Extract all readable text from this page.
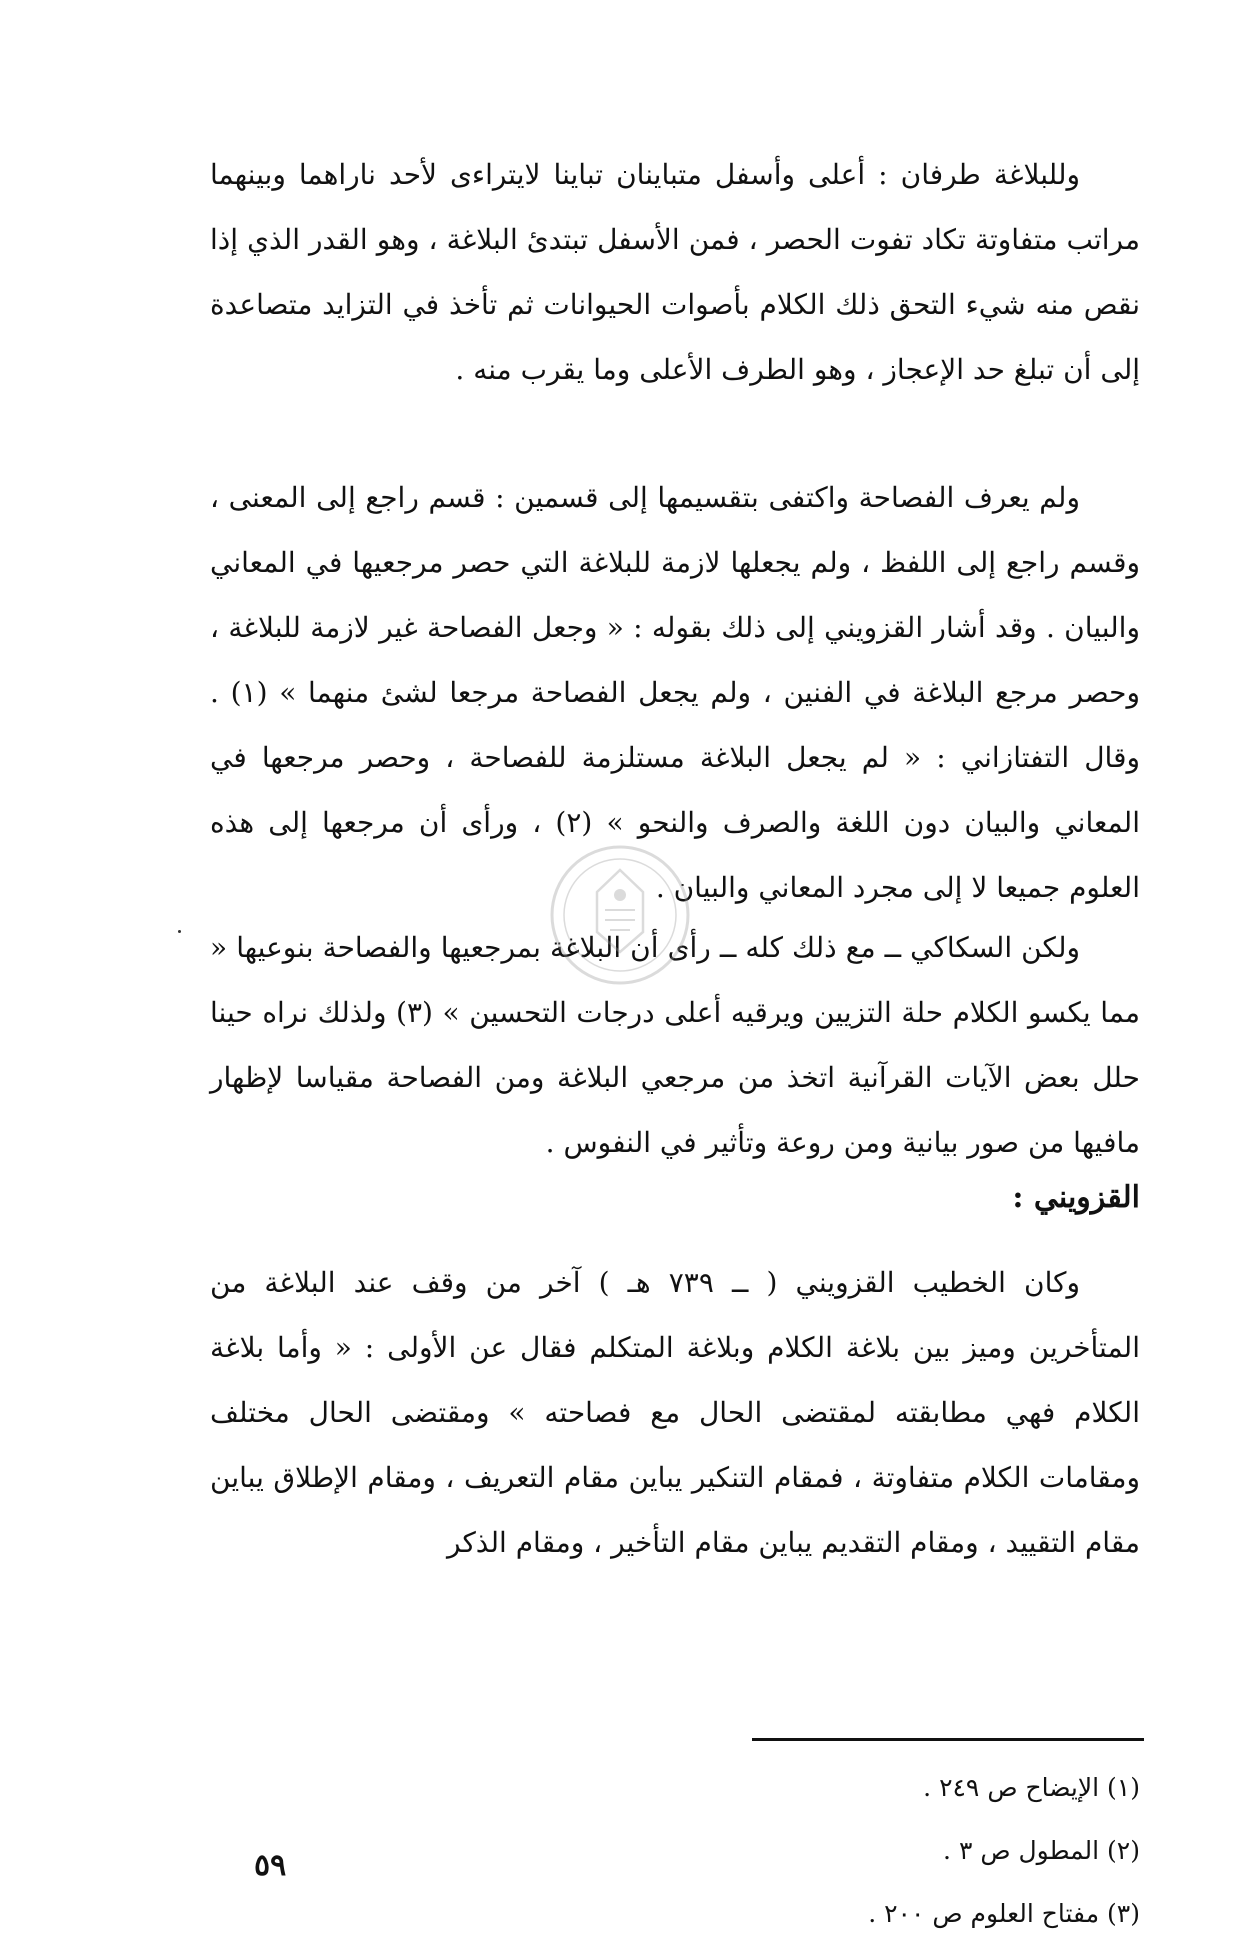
وللبلاغة طرفان : أعلى وأسفل متباينان تباينا لايتراءى لأحد ناراهما وبينهما مراتب متفاوتة تكاد تفوت الحصر ، فمن الأسفل تبتدئ البلاغة ، وهو القدر الذي إذا نقص منه شيء التحق ذلك الكلام بأصوات الحيوانات ثم تأخذ في التزايد متصاعدة إلى أن تبلغ حد الإعجاز ، وهو الطرف الأعلى وما يقرب منه .

ولم يعرف الفصاحة واكتفى بتقسيمها إلى قسمين : قسم راجع إلى المعنى ، وقسم راجع إلى اللفظ ، ولم يجعلها لازمة للبلاغة التي حصر مرجعيها في المعاني والبيان . وقد أشار القزويني إلى ذلك بقوله : « وجعل الفصاحة غير لازمة للبلاغة ، وحصر مرجع البلاغة في الفنين ، ولم يجعل الفصاحة مرجعا لشئ منهما » (١) . وقال التفتازاني : « لم يجعل البلاغة مستلزمة للفصاحة ، وحصر مرجعها في المعاني والبيان دون اللغة والصرف والنحو » (٢) ، ورأى أن مرجعها إلى هذه العلوم جميعا لا إلى مجرد المعاني والبيان .

ولكن السكاكي ــ مع ذلك كله ــ رأى أن البلاغة بمرجعيها والفصاحة بنوعيها « مما يكسو الكلام حلة التزيين ويرقيه أعلى درجات التحسين » (٣) ولذلك نراه حينا حلل بعض الآيات القرآنية اتخذ من مرجعي البلاغة ومن الفصاحة مقياسا لإظهار مافيها من صور بيانية ومن روعة وتأثير في النفوس .

القزويني :

وكان الخطيب القزويني ( ــ ٧٣٩ هـ ) آخر من وقف عند البلاغة من المتأخرين وميز بين بلاغة الكلام وبلاغة المتكلم فقال عن الأولى : « وأما بلاغة الكلام فهي مطابقته لمقتضى الحال مع فصاحته » ومقتضى الحال مختلف ومقامات الكلام متفاوتة ، فمقام التنكير يباين مقام التعريف ، ومقام الإطلاق يباين مقام التقييد ، ومقام التقديم يباين مقام التأخير ، ومقام الذكر

(١) الإيضاح ص ٢٤٩ .
(٢) المطول ص ٣ .
(٣) مفتاح العلوم ص ٢٠٠ .
٥٩
